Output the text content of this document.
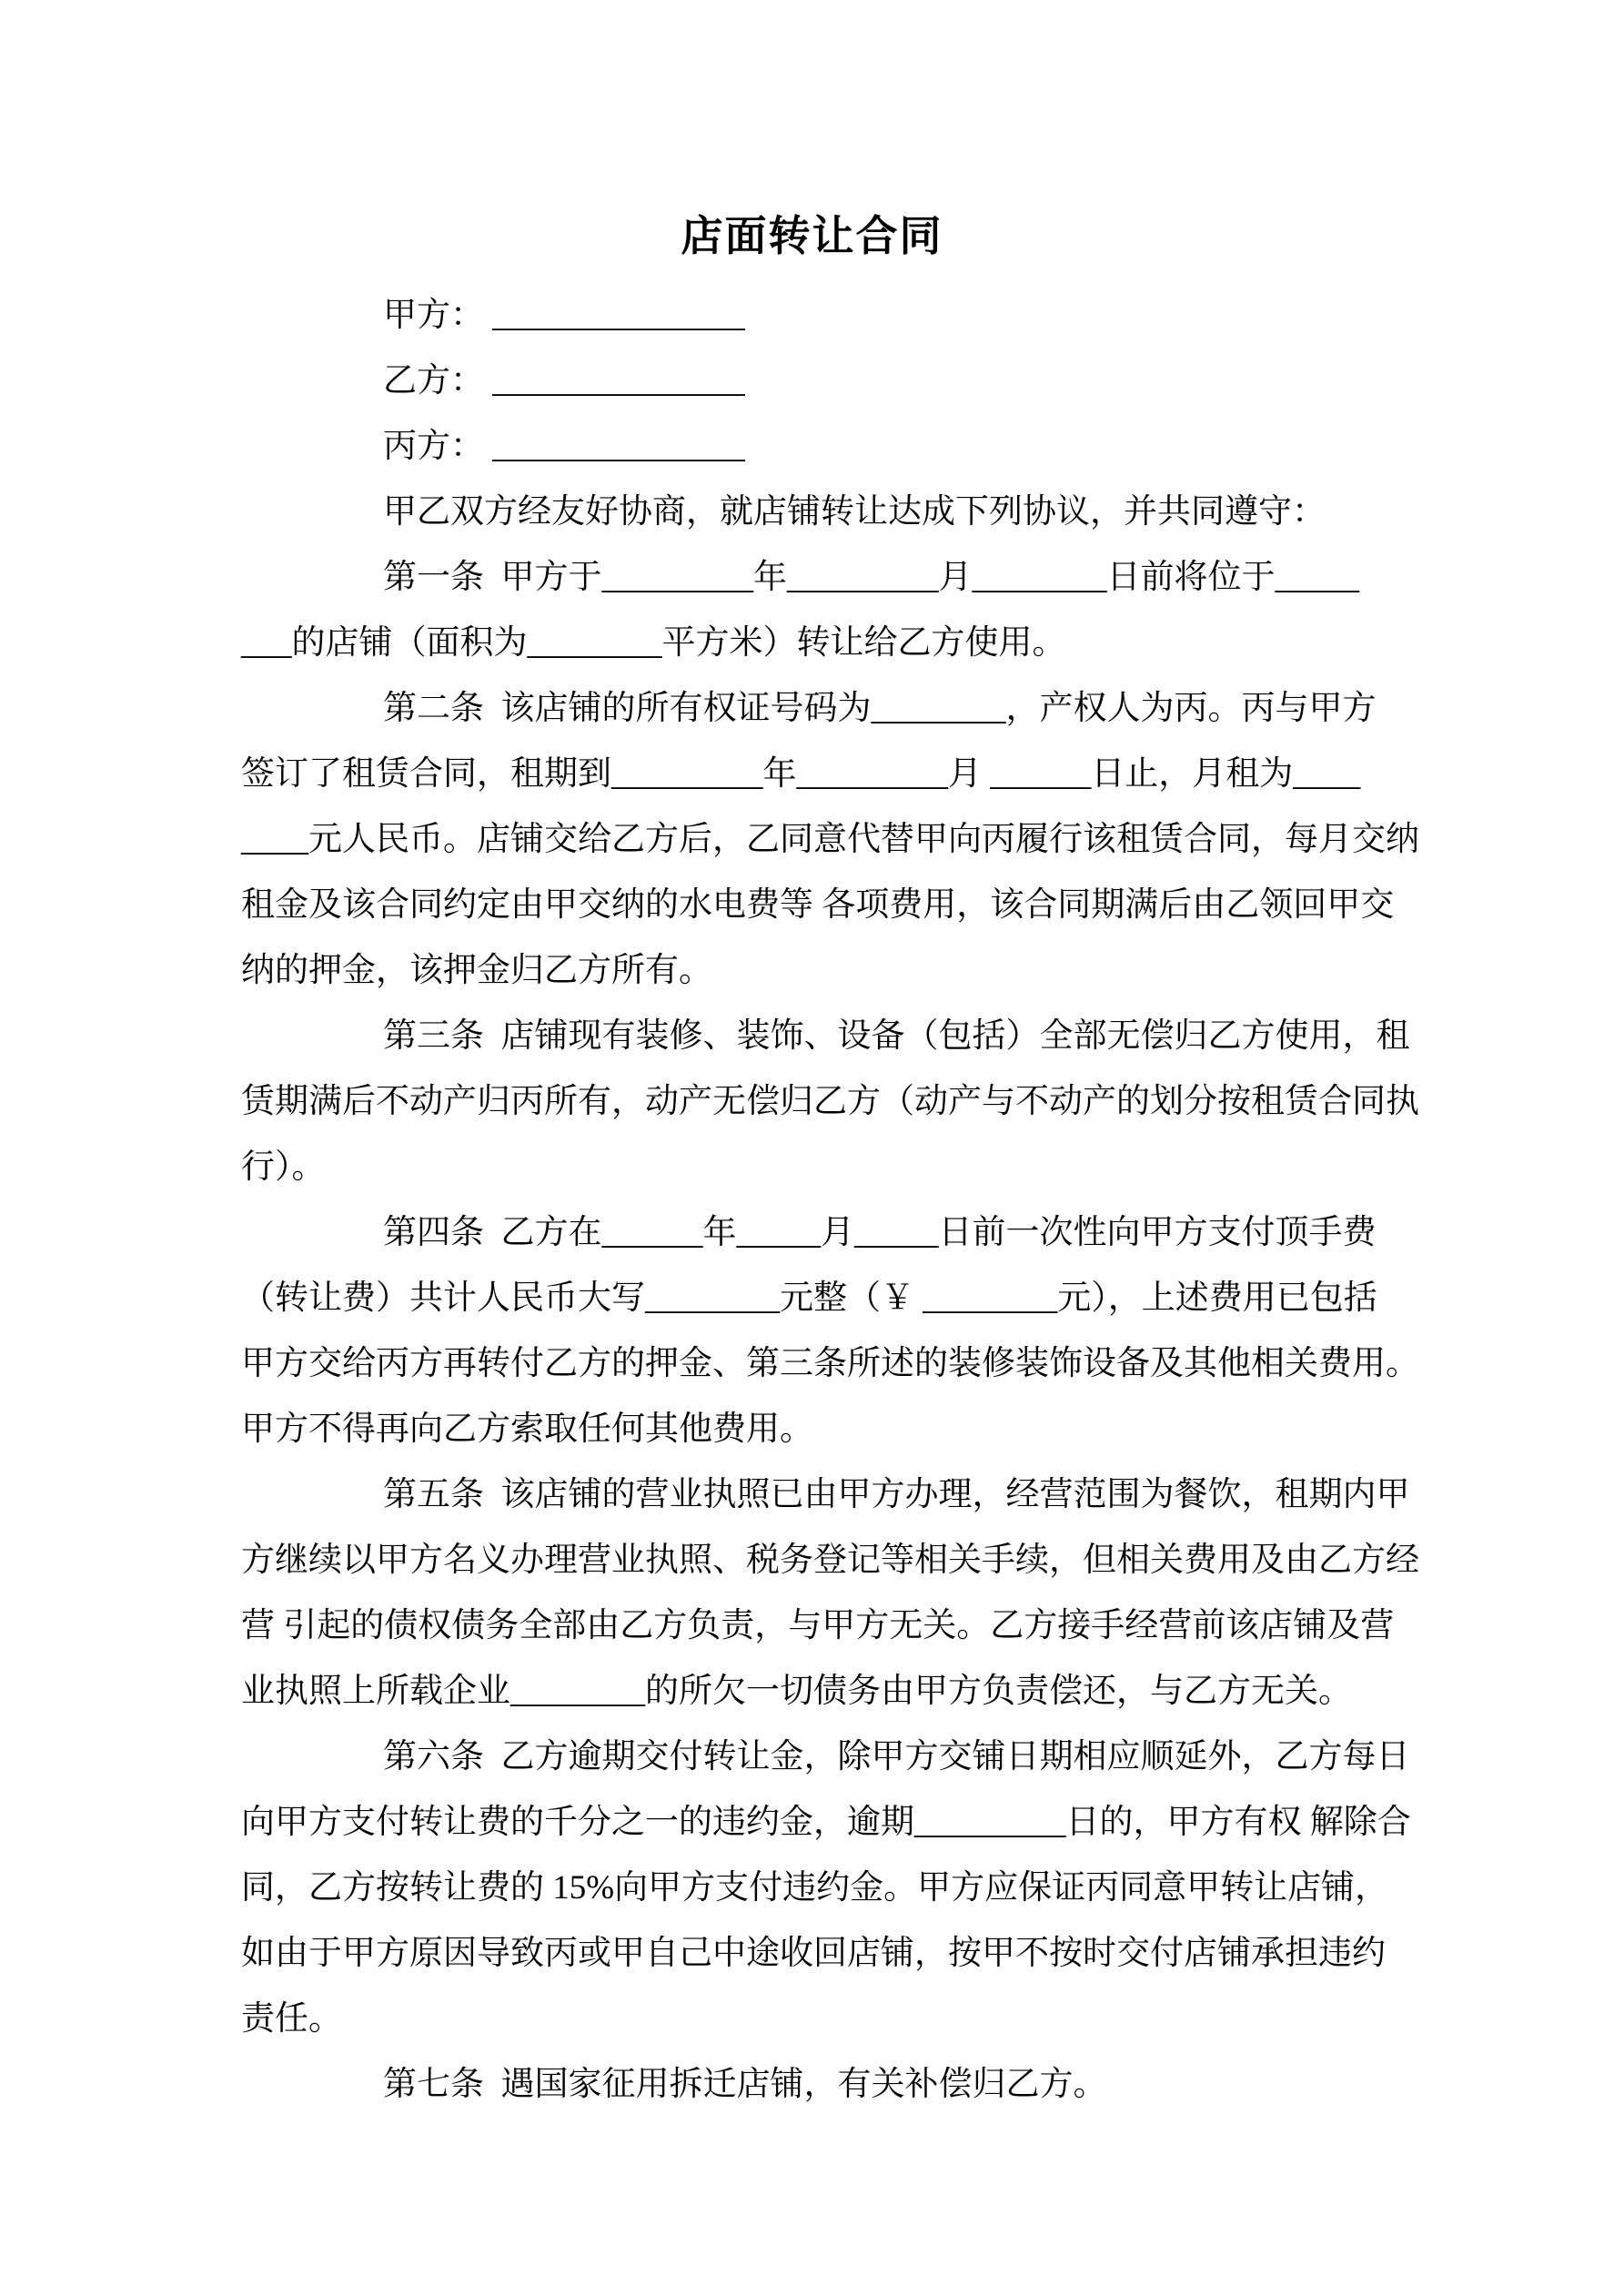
店面转让合同
甲方： _______________
乙方： _______________
丙方： _______________
甲乙双方经友好协商，就店铺转让达成下列协议，并共同遵守：
第一条  甲方于_________年_________月________日前将位于_____
___的店铺（面积为________平方米）转让给乙方使用。
第二条  该店铺的所有权证号码为________，产权人为丙。丙与甲方
签订了租赁合同，租期到_________年_________月 ______日止，月租为____
____元人民币。店铺交给乙方后，乙同意代替甲向丙履行该租赁合同，每月交纳
租金及该合同约定由甲交纳的水电费等 各项费用，该合同期满后由乙领回甲交
纳的押金，该押金归乙方所有。
第三条  店铺现有装修、装饰、设备（包括）全部无偿归乙方使用，租
赁期满后不动产归丙所有，动产无偿归乙方（动产与不动产的划分按租赁合同执
行）。
第四条  乙方在______年_____月_____日前一次性向甲方支付顶手费
（转让费）共计人民币大写________元整（￥ ________元），上述费用已包括
甲方交给丙方再转付乙方的押金、第三条所述的装修装饰设备及其他相关费用。
甲方不得再向乙方索取任何其他费用。
第五条  该店铺的营业执照已由甲方办理，经营范围为餐饮，租期内甲
方继续以甲方名义办理营业执照、税务登记等相关手续，但相关费用及由乙方经
营 引起的债权债务全部由乙方负责，与甲方无关。乙方接手经营前该店铺及营
业执照上所载企业________的所欠一切债务由甲方负责偿还，与乙方无关。
第六条  乙方逾期交付转让金，除甲方交铺日期相应顺延外，乙方每日
向甲方支付转让费的千分之一的违约金，逾期_________日的，甲方有权 解除合
同，乙方按转让费的 15%向甲方支付违约金。甲方应保证丙同意甲转让店铺，
如由于甲方原因导致丙或甲自己中途收回店铺，按甲不按时交付店铺承担违约
责任。
第七条  遇国家征用拆迁店铺，有关补偿归乙方。
